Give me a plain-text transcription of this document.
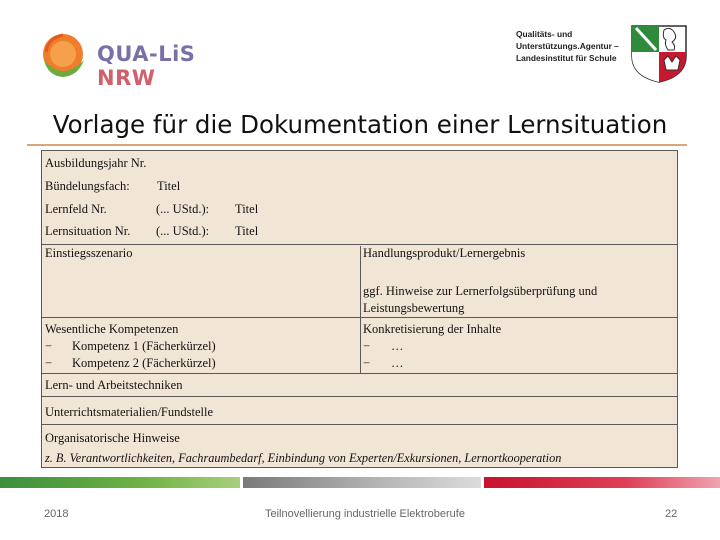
QUA-LiS NRW
Qualitäts- und
Unterstützungs.Agentur –
Landesinstitut für Schule
Vorlage für die Dokumentation einer Lernsituation
Ausbildungsjahr Nr.
Bündelungsfach: Titel
Lernfeld Nr.	(... UStd.): Titel
Lernsituation Nr. (... UStd.): Titel
Einstiegsszenario	Handlungsprodukt/Lernergebnis
ggf. Hinweise zur Lernerfolgsüberprüfung und
Leistungsbewertung
Wesentliche Kompetenzen
− Kompetenz 1 (Fächerkürzel)
− Kompetenz 2 (Fächerkürzel)
Konkretisierung der Inhalte
− …
− …
Lern- und Arbeitstechniken
Unterrichtsmaterialien/Fundstelle
Organisatorische Hinweise
z. B. Verantwortlichkeiten, Fachraumbedarf, Einbindung von Experten/Exkursionen, Lernortkooperation
2018	Teilnovellierung industrielle Elektroberufe	22
